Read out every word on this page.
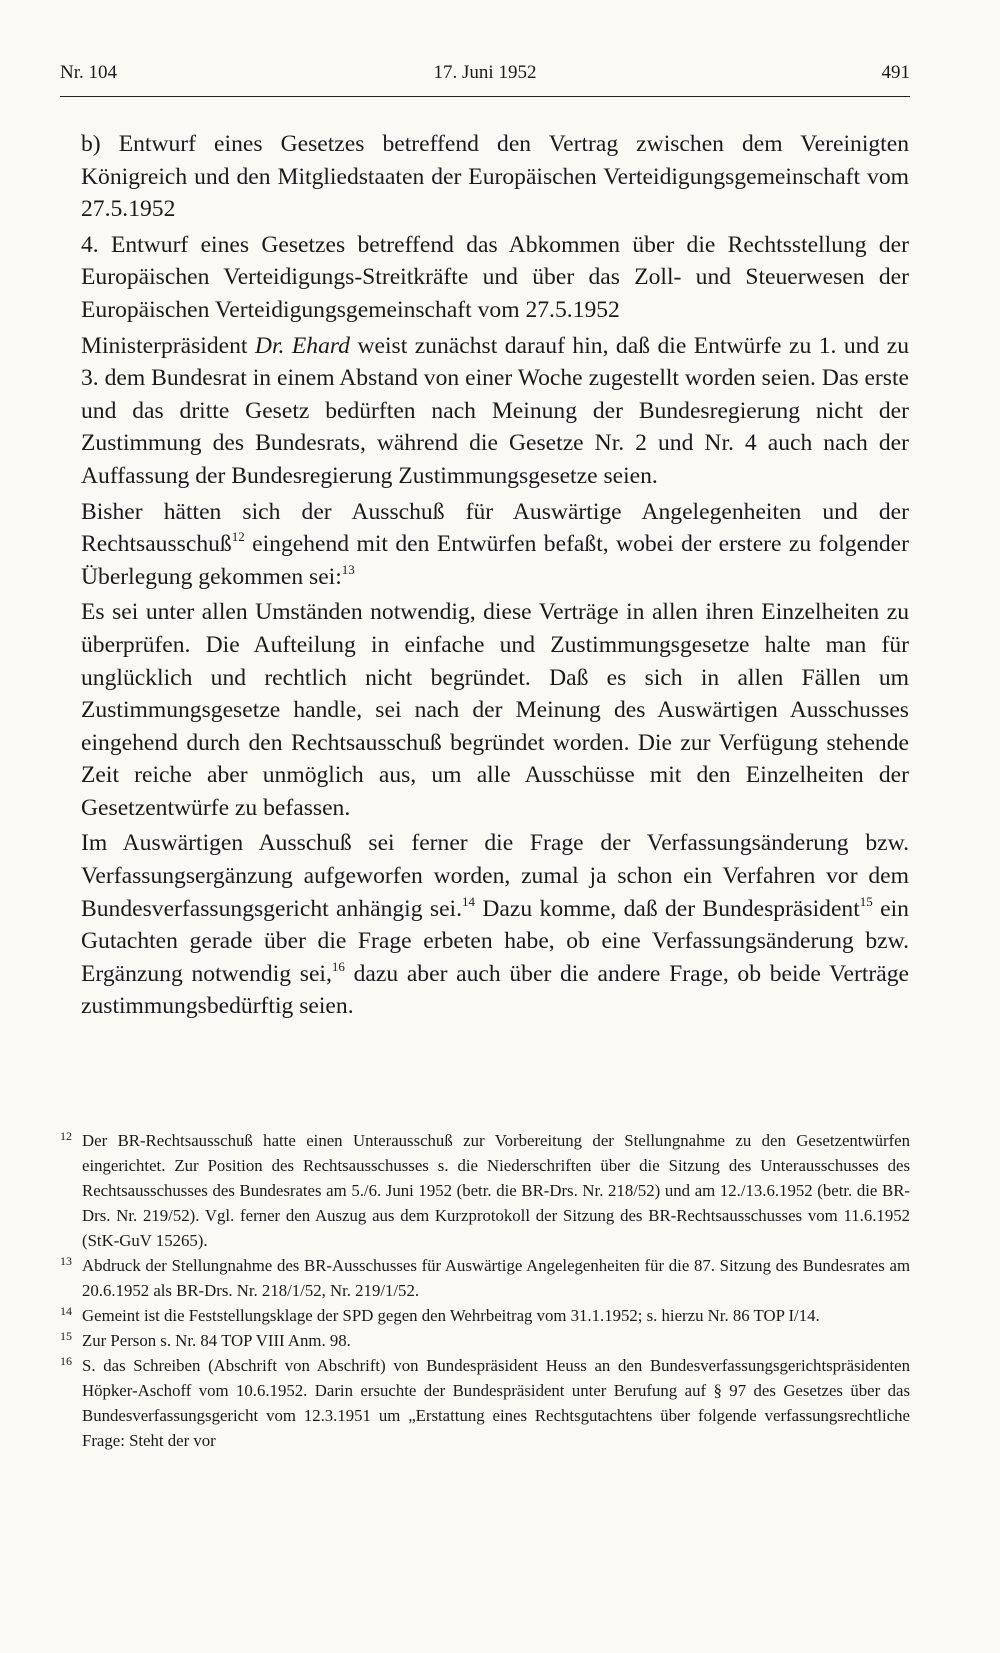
Nr. 104	17. Juni 1952	491

b) Entwurf eines Gesetzes betreffend den Vertrag zwischen dem Vereinigten Königreich und den Mitgliedstaaten der Europäischen Verteidigungsgemeinschaft vom 27.5.1952

4. Entwurf eines Gesetzes betreffend das Abkommen über die Rechtsstellung der Europäischen Verteidigungs-Streitkräfte und über das Zoll- und Steuerwesen der Europäischen Verteidigungsgemeinschaft vom 27.5.1952

Ministerpräsident Dr. Ehard weist zunächst darauf hin, daß die Entwürfe zu 1. und zu 3. dem Bundesrat in einem Abstand von einer Woche zugestellt worden seien. Das erste und das dritte Gesetz bedürften nach Meinung der Bundesregierung nicht der Zustimmung des Bundesrats, während die Gesetze Nr. 2 und Nr. 4 auch nach der Auffassung der Bundesregierung Zustimmungsgesetze seien.

Bisher hätten sich der Ausschuß für Auswärtige Angelegenheiten und der Rechtsausschuß$^{12}$ eingehend mit den Entwürfen befaßt, wobei der erstere zu folgender Überlegung gekommen sei:$^{13}$

Es sei unter allen Umständen notwendig, diese Verträge in allen ihren Einzelheiten zu überprüfen. Die Aufteilung in einfache und Zustimmungsgesetze halte man für unglücklich und rechtlich nicht begründet. Daß es sich in allen Fällen um Zustimmungsgesetze handle, sei nach der Meinung des Auswärtigen Ausschusses eingehend durch den Rechtsausschuß begründet worden. Die zur Verfügung stehende Zeit reiche aber unmöglich aus, um alle Ausschüsse mit den Einzelheiten der Gesetzentwürfe zu befassen.

Im Auswärtigen Ausschuß sei ferner die Frage der Verfassungsänderung bzw. Verfassungsergänzung aufgeworfen worden, zumal ja schon ein Verfahren vor dem Bundesverfassungsgericht anhängig sei.$^{14}$ Dazu komme, daß der Bundespräsident$^{15}$ ein Gutachten gerade über die Frage erbeten habe, ob eine Verfassungsänderung bzw. Ergänzung notwendig sei,$^{16}$ dazu aber auch über die andere Frage, ob beide Verträge zustimmungsbedürftig seien.

12 Der BR-Rechtsausschuß hatte einen Unterausschuß zur Vorbereitung der Stellungnahme zu den Gesetzentwürfen eingerichtet. Zur Position des Rechtsausschusses s. die Niederschriften über die Sitzung des Unterausschusses des Rechtsausschusses des Bundesrates am 5./6. Juni 1952 (betr. die BR-Drs. Nr. 218/52) und am 12./13.6.1952 (betr. die BR-Drs. Nr. 219/52). Vgl. ferner den Auszug aus dem Kurzprotokoll der Sitzung des BR-Rechtsausschusses vom 11.6.1952 (StK-GuV 15265).

13 Abdruck der Stellungnahme des BR-Ausschusses für Auswärtige Angelegenheiten für die 87. Sitzung des Bundesrates am 20.6.1952 als BR-Drs. Nr. 218/1/52, Nr. 219/1/52.

14 Gemeint ist die Feststellungsklage der SPD gegen den Wehrbeitrag vom 31.1.1952; s. hierzu Nr. 86 TOP I/14.

15 Zur Person s. Nr. 84 TOP VIII Anm. 98.

16 S. das Schreiben (Abschrift von Abschrift) von Bundespräsident Heuss an den Bundesverfassungsgerichtspräsidenten Höpker-Aschoff vom 10.6.1952. Darin ersuchte der Bundespräsident unter Berufung auf § 97 des Gesetzes über das Bundesverfassungsgericht vom 12.3.1951 um „Erstattung eines Rechtsgutachtens über folgende verfassungsrechtliche Frage: Steht der vor
